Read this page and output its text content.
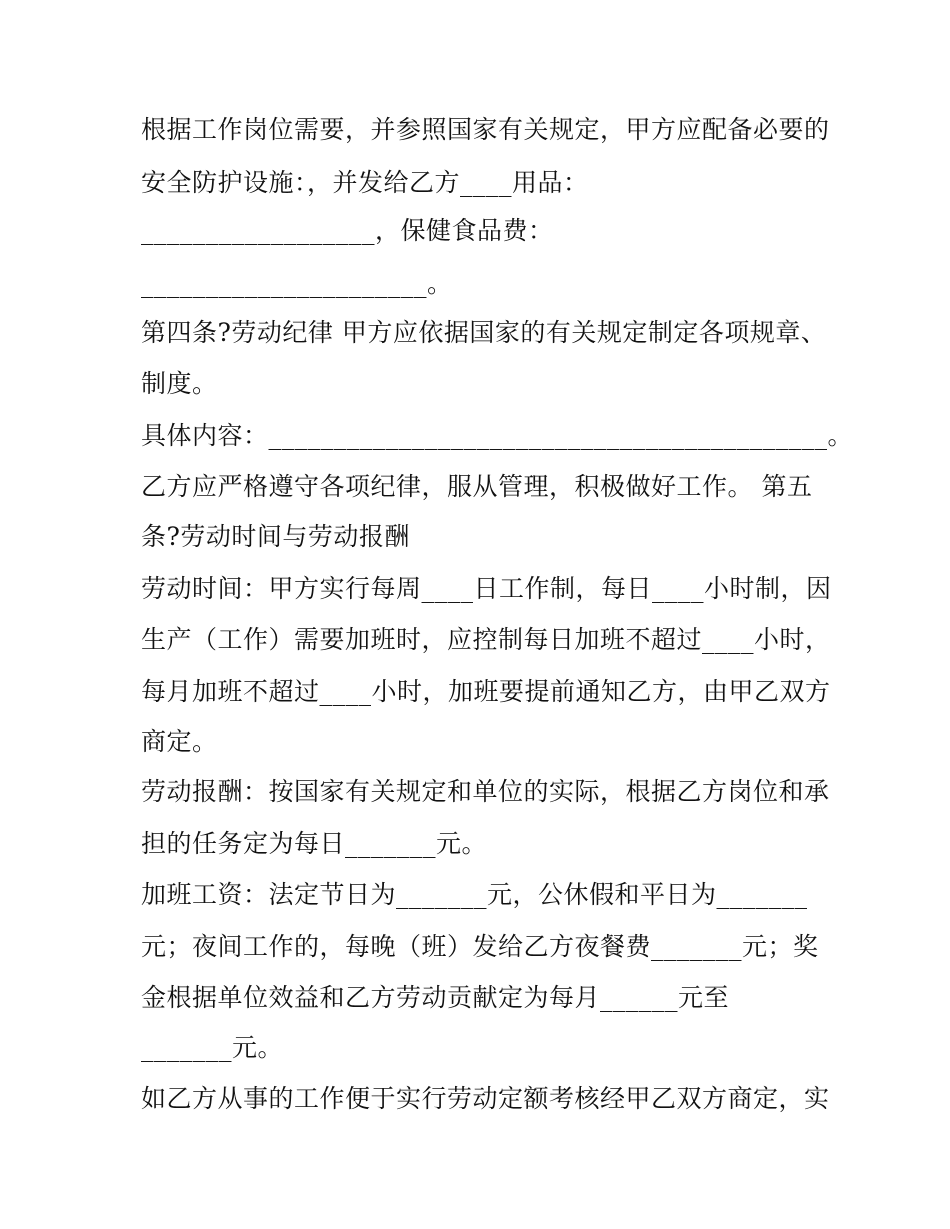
根据工作岗位需要，并参照国家有关规定，甲方应配备必要的
安全防护设施：，并发给乙方____用品：
__________________，保健食品费：
______________________。
第四条?劳动纪律 甲方应依据国家的有关规定制定各项规章、
制度。
具体内容：___________________________________________。
乙方应严格遵守各项纪律，服从管理，积极做好工作。 第五
条?劳动时间与劳动报酬
劳动时间：甲方实行每周____日工作制，每日____小时制，因
生产（工作）需要加班时，应控制每日加班不超过____小时，
每月加班不超过____小时，加班要提前通知乙方，由甲乙双方
商定。
劳动报酬：按国家有关规定和单位的实际，根据乙方岗位和承
担的任务定为每日_______元。
加班工资：法定节日为_______元，公休假和平日为_______
元；夜间工作的，每晚（班）发给乙方夜餐费_______元；奖
金根据单位效益和乙方劳动贡献定为每月______元至
_______元。
如乙方从事的工作便于实行劳动定额考核经甲乙双方商定，实
